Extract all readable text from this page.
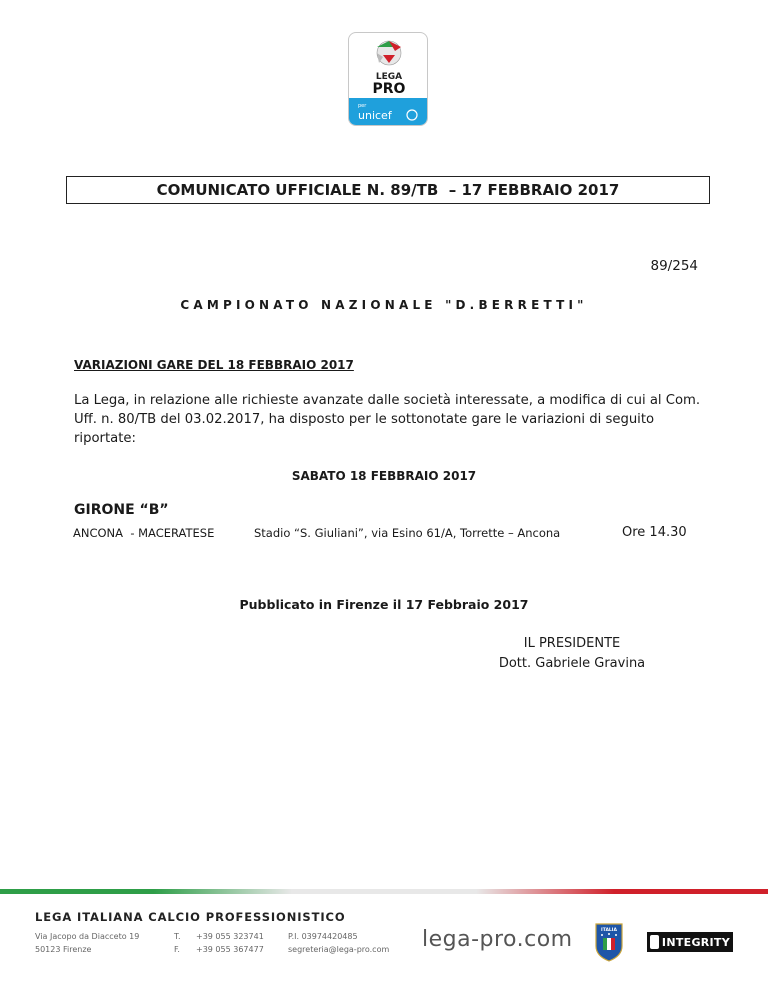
LEGA
PRO
per
unicef
COMUNICATO UFFICIALE N. 89/TB  – 17 FEBBRAIO 2017
89/254
CAMPIONATO NAZIONALE "D.BERRETTI"
VARIAZIONI GARE DEL 18 FEBBRAIO 2017
La Lega, in relazione alle richieste avanzate dalle società interessate, a modifica di cui al Com. Uff. n. 80/TB del 03.02.2017, ha disposto per le sottonotate gare le variazioni di seguito riportate:
SABATO 18 FEBBRAIO 2017
GIRONE “B”
ANCONA  - MACERATESE	Stadio “S. Giuliani”, via Esino 61/A, Torrette – Ancona	Ore 14.30
Pubblicato in Firenze il 17 Febbraio 2017
IL PRESIDENTE
Dott. Gabriele Gravina
LEGA ITALIANA CALCIO PROFESSIONISTICO
Via Jacopo da Diacceto 19
50123 Firenze
T.
F.
+39 055 323741
+39 055 367477
P.I. 03974420485
segreteria@lega-pro.com lega-pro.com	ITALIA
INTEGRITY
